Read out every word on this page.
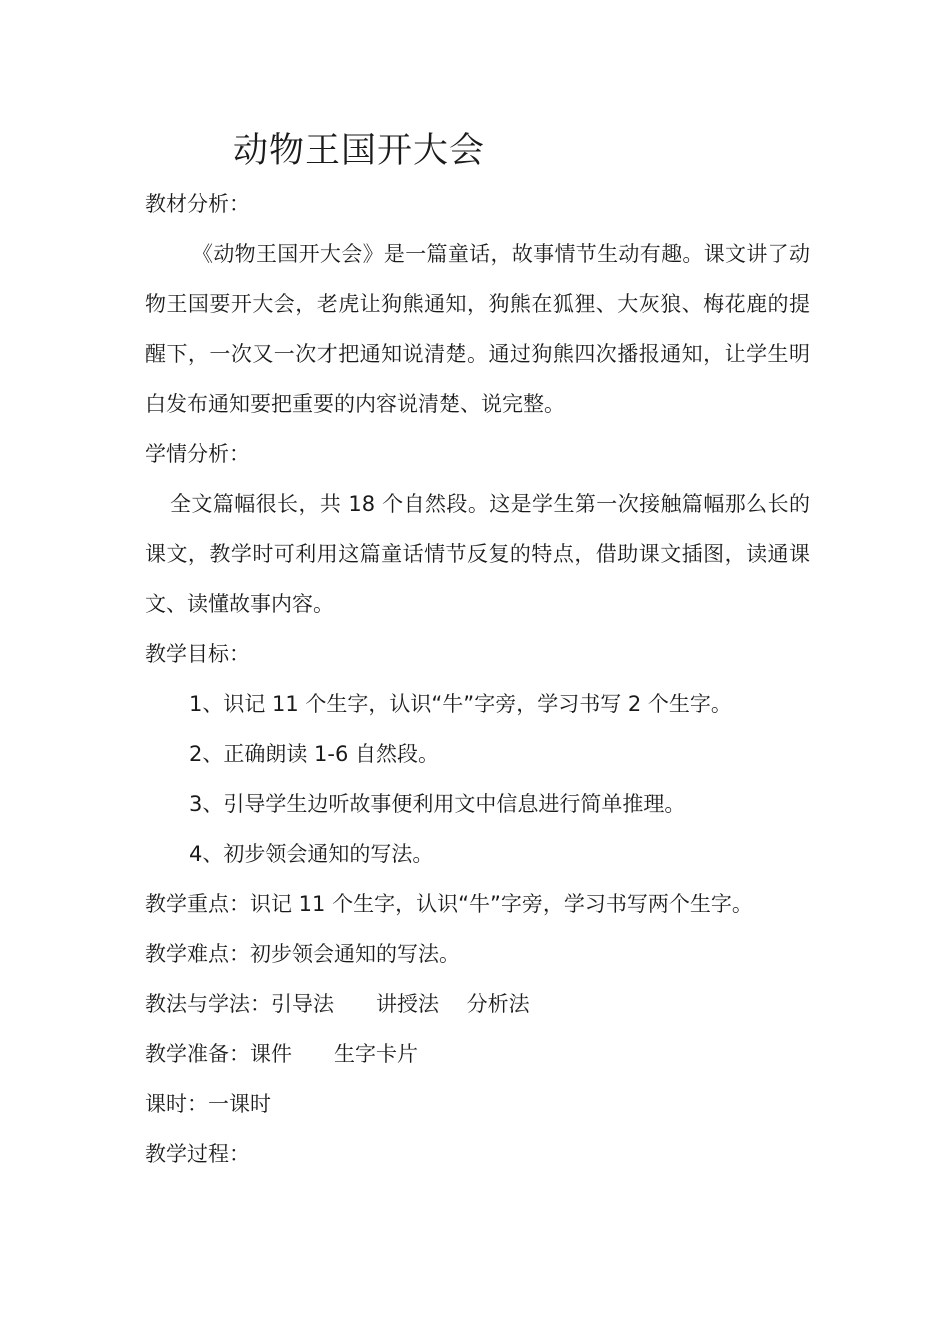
动物王国开大会
教材分析：
《动物王国开大会》是一篇童话，故事情节生动有趣。课文讲了动物王国要开大会，老虎让狗熊通知，狗熊在狐狸、大灰狼、梅花鹿的提醒下，一次又一次才把通知说清楚。通过狗熊四次播报通知，让学生明白发布通知要把重要的内容说清楚、说完整。
学情分析：
全文篇幅很长，共 18 个自然段。这是学生第一次接触篇幅那么长的课文，教学时可利用这篇童话情节反复的特点，借助课文插图，读通课文、读懂故事内容。
教学目标：
1、识记 11 个生字，认识“牛”字旁，学习书写 2 个生字。
2、正确朗读 1-6 自然段。
3、引导学生边听故事便利用文中信息进行简单推理。
4、初步领会通知的写法。
教学重点：识记 11 个生字，认识“牛”字旁，学习书写两个生字。
教学难点：初步领会通知的写法。
教法与学法：引导法　　讲授法　 分析法
教学准备：课件　　生字卡片
课时：一课时
教学过程：
